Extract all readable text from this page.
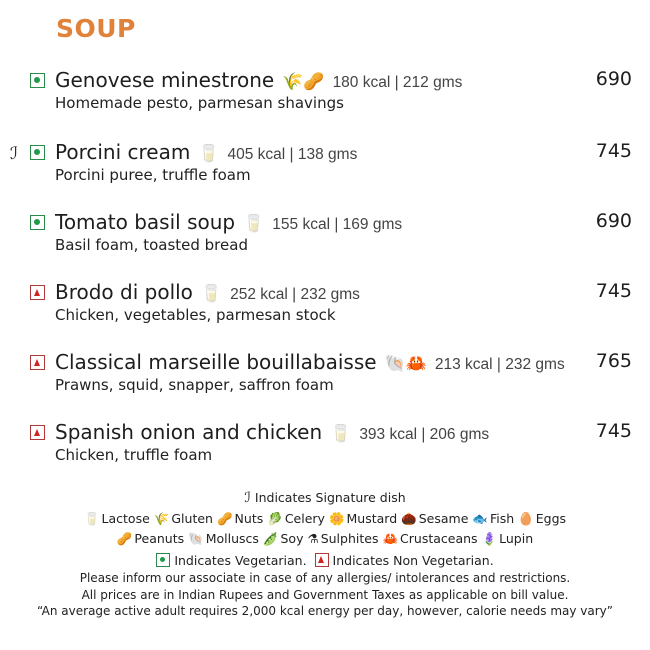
SOUP
Genovese minestrone 🌾🥜 180 kcal | 212 gms
Homemade pesto, parmesan shavings
690
ℐ Porcini cream 🥛 405 kcal | 138 gms
Porcini puree, truffle foam
745
Tomato basil soup 🥛 155 kcal | 169 gms
Basil foam, toasted bread
690
Brodo di pollo 🥛 252 kcal | 232 gms
Chicken, vegetables, parmesan stock
745
Classical marseille bouillabaisse 🐚🦀 213 kcal | 232 gms
Prawns, squid, snapper, saffron foam
765
Spanish onion and chicken 🥛 393 kcal | 206 gms
Chicken, truffle foam
745
ℐ Indicates Signature dish
🥛 Lactose 🌾 Gluten 🥜 Nuts 🥬 Celery 🌼 Mustard 🌰 Sesame 🐟 Fish 🥚 Eggs
🥜 Peanuts 🐚 Molluscs 🫛 Soy ⚗ Sulphites 🦀 Crustaceans 🪻 Lupin
Indicates Vegetarian. Indicates Non Vegetarian.
Please inform our associate in case of any allergies/ intolerances and restrictions.
All prices are in Indian Rupees and Government Taxes as applicable on bill value.
“An average active adult requires 2,000 kcal energy per day, however, calorie needs may vary”
